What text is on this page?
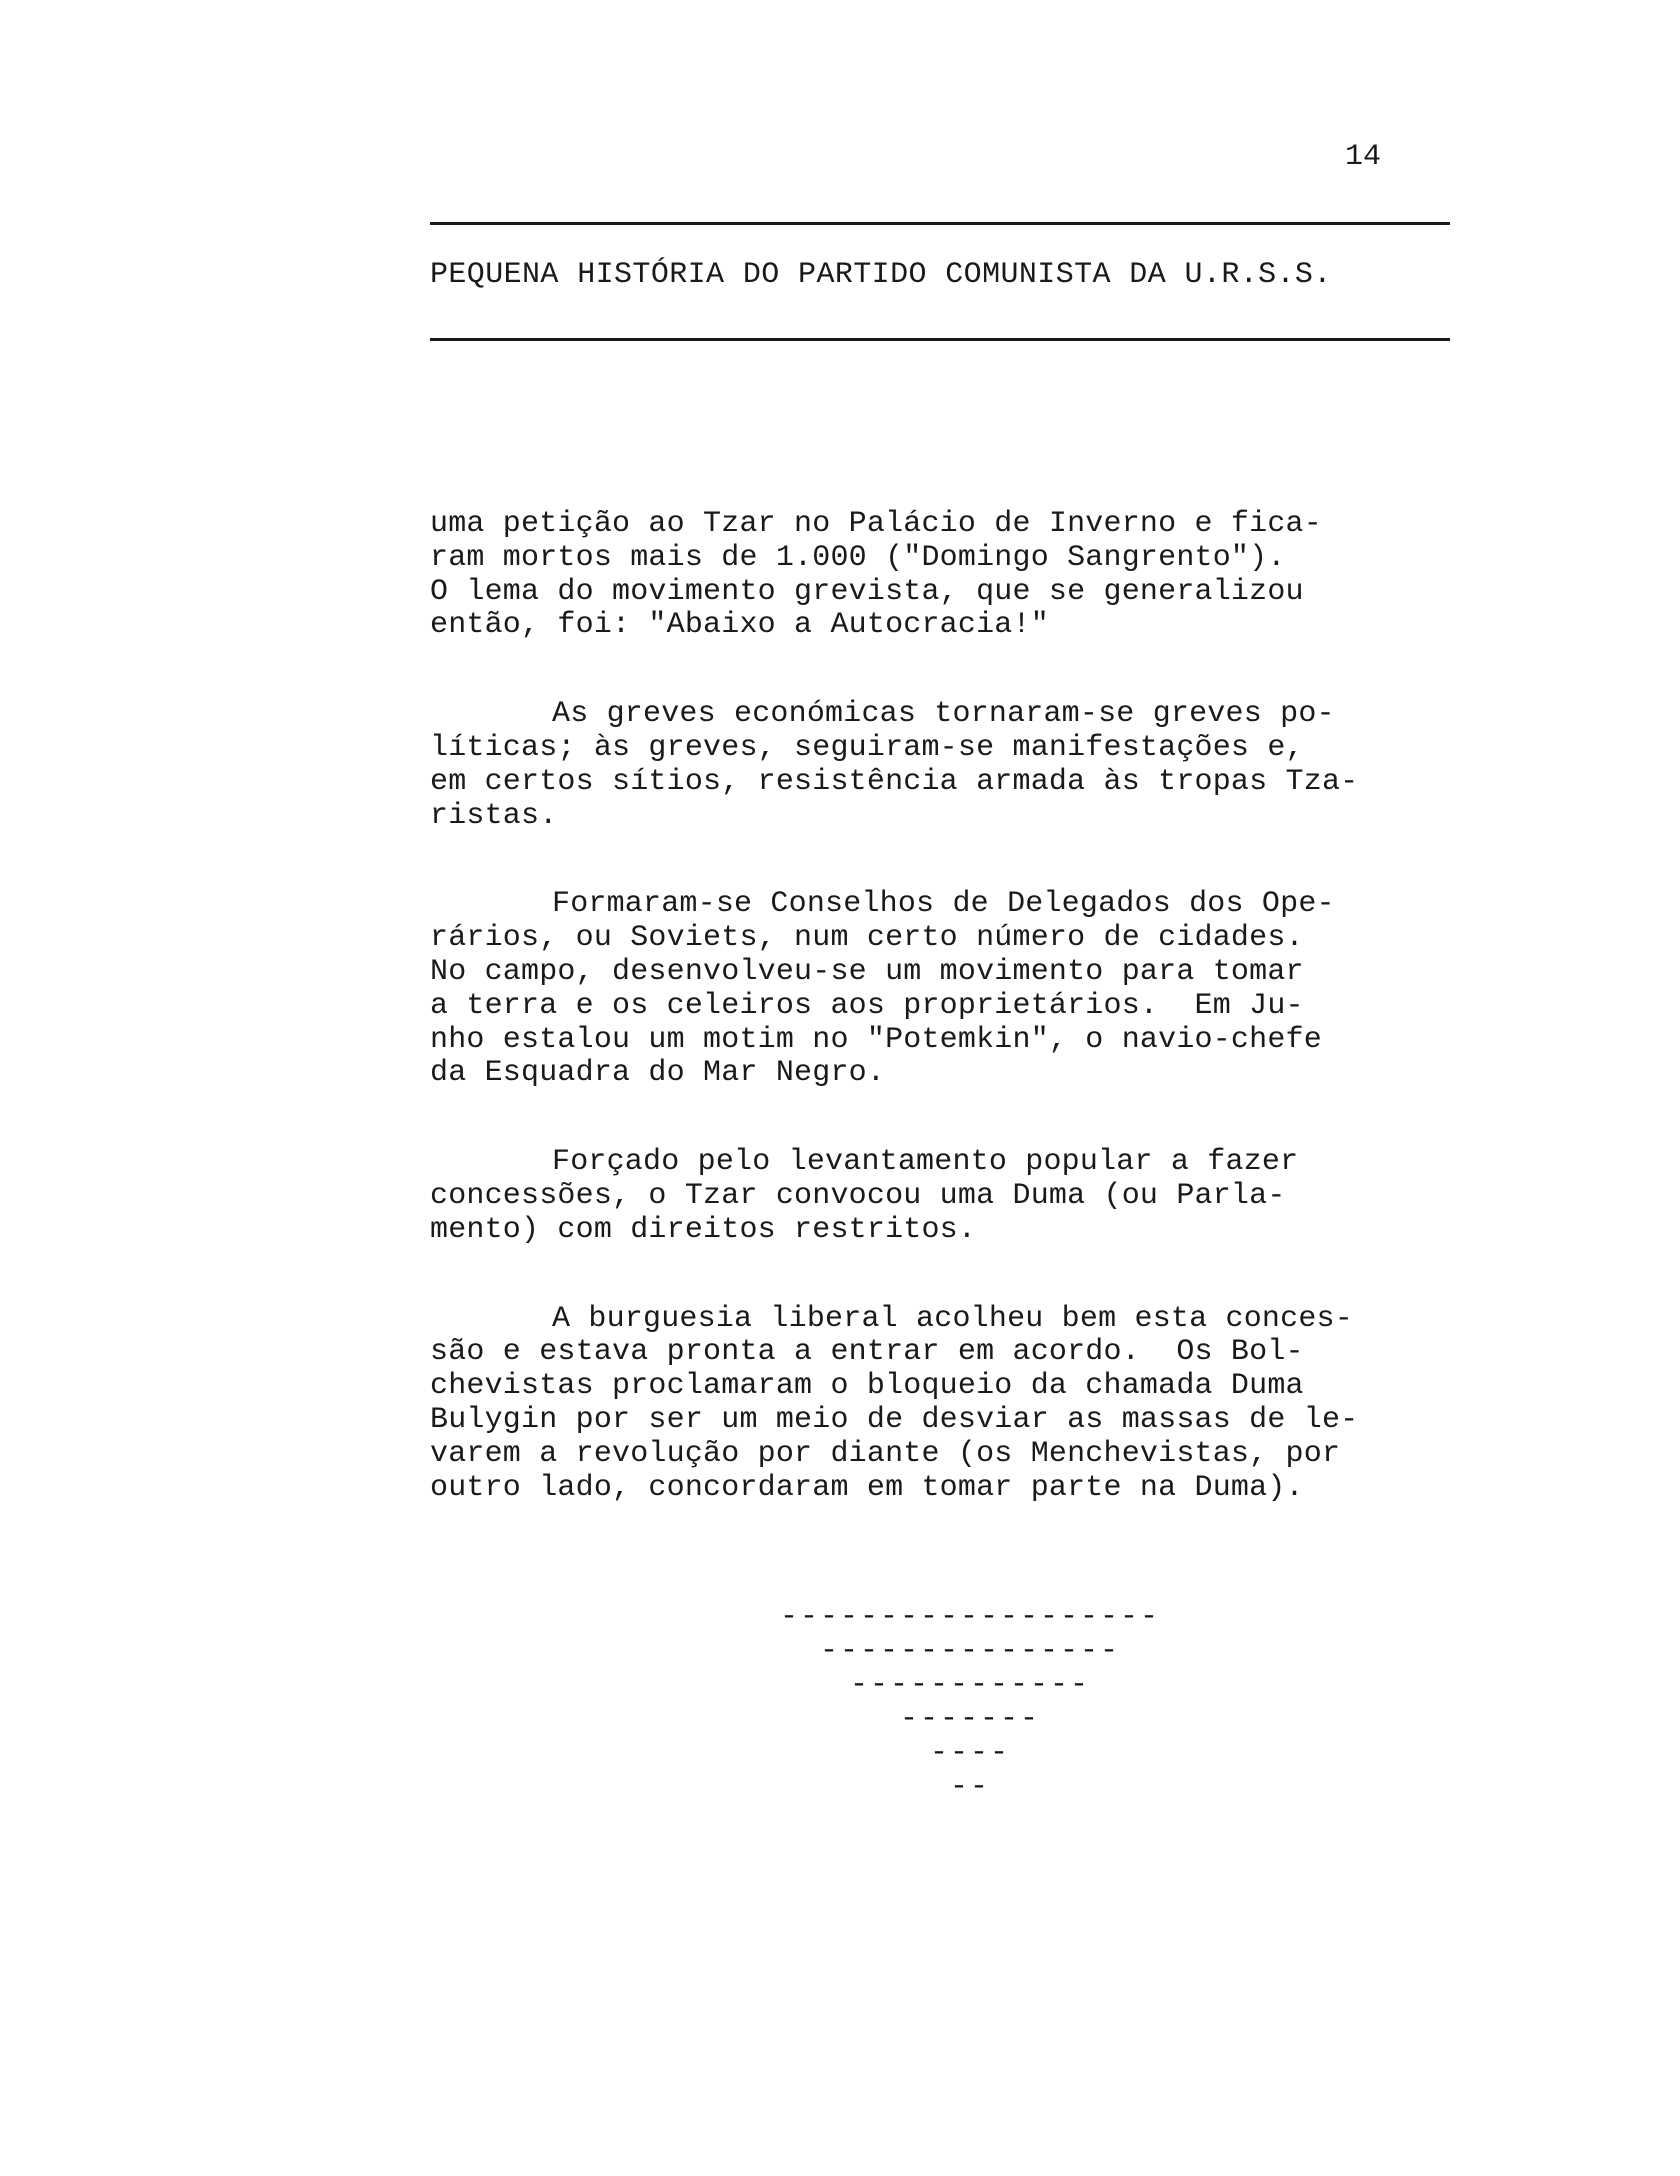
14
PEQUENA HISTÓRIA DO PARTIDO COMUNISTA DA U.R.S.S.
uma petição ao Tzar no Palácio de Inverno e fica-
ram mortos mais de 1.000 ("Domingo Sangrento").
O lema do movimento grevista, que se generalizou
então, foi: "Abaixo a Autocracia!"
As greves económicas tornaram-se greves po-
líticas; às greves, seguiram-se manifestações e,
em certos sítios, resistência armada às tropas Tza-
ristas.
Formaram-se Conselhos de Delegados dos Ope-
rários, ou Soviets, num certo número de cidades.
No campo, desenvolveu-se um movimento para tomar
a terra e os celeiros aos proprietários.  Em Ju-
nho estalou um motim no "Potemkin", o navio-chefe
da Esquadra do Mar Negro.
Forçado pelo levantamento popular a fazer
concessões, o Tzar convocou uma Duma (ou Parla-
mento) com direitos restritos.
A burguesia liberal acolheu bem esta conces-
são e estava pronta a entrar em acordo.  Os Bol-
chevistas proclamaram o bloqueio da chamada Duma
Bulygin por ser um meio de desviar as massas de le-
varem a revolução por diante (os Menchevistas, por
outro lado, concordaram em tomar parte na Duma).
-------------------
---------------
------------
-------
----
--
